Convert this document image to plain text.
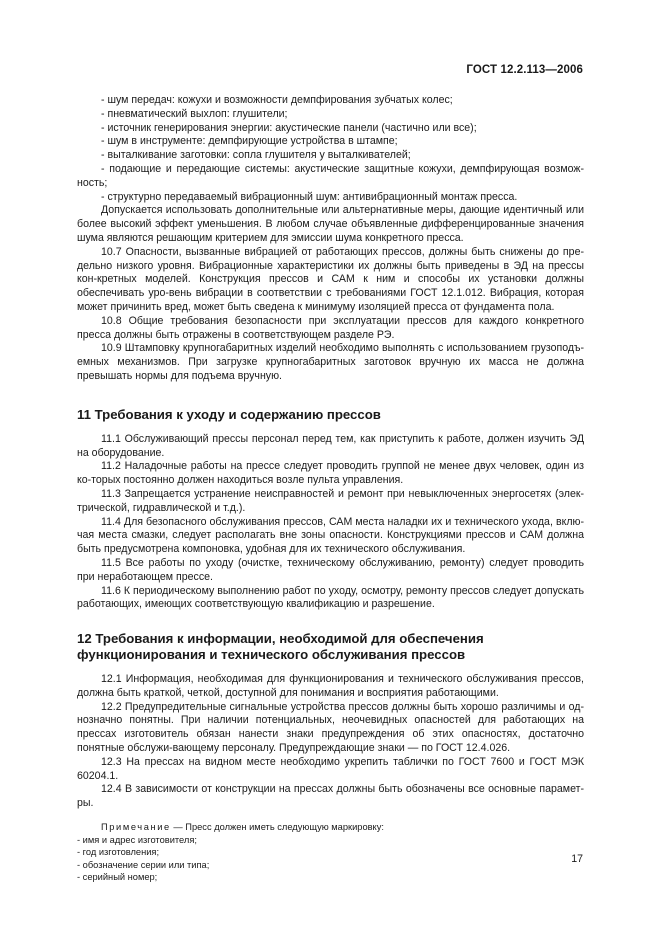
ГОСТ 12.2.113—2006

- шум передач: кожухи и возможности демпфирования зубчатых колес;

- пневматический выхлоп: глушители;

- источник генерирования энергии: акустические панели (частично или все);

- шум в инструменте: демпфирующие устройства в штампе;

- выталкивание заготовки: сопла глушителя у выталкивателей;

- подающие и передающие системы: акустические защитные кожухи, демпфирующая возмож-ность;

- структурно передаваемый вибрационный шум: антивибрационный монтаж пресса.

Допускается использовать дополнительные или альтернативные меры, дающие идентичный или более высокий эффект уменьшения. В любом случае объявленные дифференцированные значения шума являются решающим критерием для эмиссии шума конкретного пресса.

10.7 Опасности, вызванные вибрацией от работающих прессов, должны быть снижены до пре-дельно низкого уровня. Вибрационные характеристики их должны быть приведены в ЭД на прессы кон-кретных моделей. Конструкция прессов и САМ к ним и способы их установки должны обеспечивать уро-вень вибрации в соответствии с требованиями ГОСТ 12.1.012. Вибрация, которая может причинить вред, может быть сведена к минимуму изоляцией пресса от фундамента пола.

10.8 Общие требования безопасности при эксплуатации прессов для каждого конкретного пресса должны быть отражены в соответствующем разделе РЭ.

10.9 Штамповку крупногабаритных изделий необходимо выполнять с использованием грузоподъ-емных механизмов. При загрузке крупногабаритных заготовок вручную их масса не должна превышать нормы для подъема вручную.

11 Требования к уходу и содержанию прессов

11.1 Обслуживающий прессы персонал перед тем, как приступить к работе, должен изучить ЭД на оборудование.

11.2 Наладочные работы на прессе следует проводить группой не менее двух человек, один из ко-торых постоянно должен находиться возле пульта управления.

11.3 Запрещается устранение неисправностей и ремонт при невыключенных энергосетях (элек-трической, гидравлической и т.д.).

11.4 Для безопасного обслуживания прессов, САМ места наладки их и технического ухода, вклю-чая места смазки, следует располагать вне зоны опасности. Конструкциями прессов и САМ должна быть предусмотрена компоновка, удобная для их технического обслуживания.

11.5 Все работы по уходу (очистке, техническому обслуживанию, ремонту) следует проводить при неработающем прессе.

11.6 К периодическому выполнению работ по уходу, осмотру, ремонту прессов следует допускать работающих, имеющих соответствующую квалификацию и разрешение.

12 Требования к информации, необходимой для обеспечения

функционирования и технического обслуживания прессов

12.1 Информация, необходимая для функционирования и технического обслуживания прессов, должна быть краткой, четкой, доступной для понимания и восприятия работающими.

12.2 Предупредительные сигнальные устройства прессов должны быть хорошо различимы и од-нозначно понятны. При наличии потенциальных, неочевидных опасностей для работающих на прессах изготовитель обязан нанести знаки предупреждения об этих опасностях, достаточно понятные обслужи-вающему персоналу. Предупреждающие знаки — по ГОСТ 12.4.026.

12.3 На прессах на видном месте необходимо укрепить таблички по ГОСТ 7600 и ГОСТ МЭК 60204.1.

12.4 В зависимости от конструкции на прессах должны быть обозначены все основные парамет-ры.

Примечание — Пресс должен иметь следующую маркировку:

- имя и адрес изготовителя;

- год изготовления;

- обозначение серии или типа;

- серийный номер;

17
